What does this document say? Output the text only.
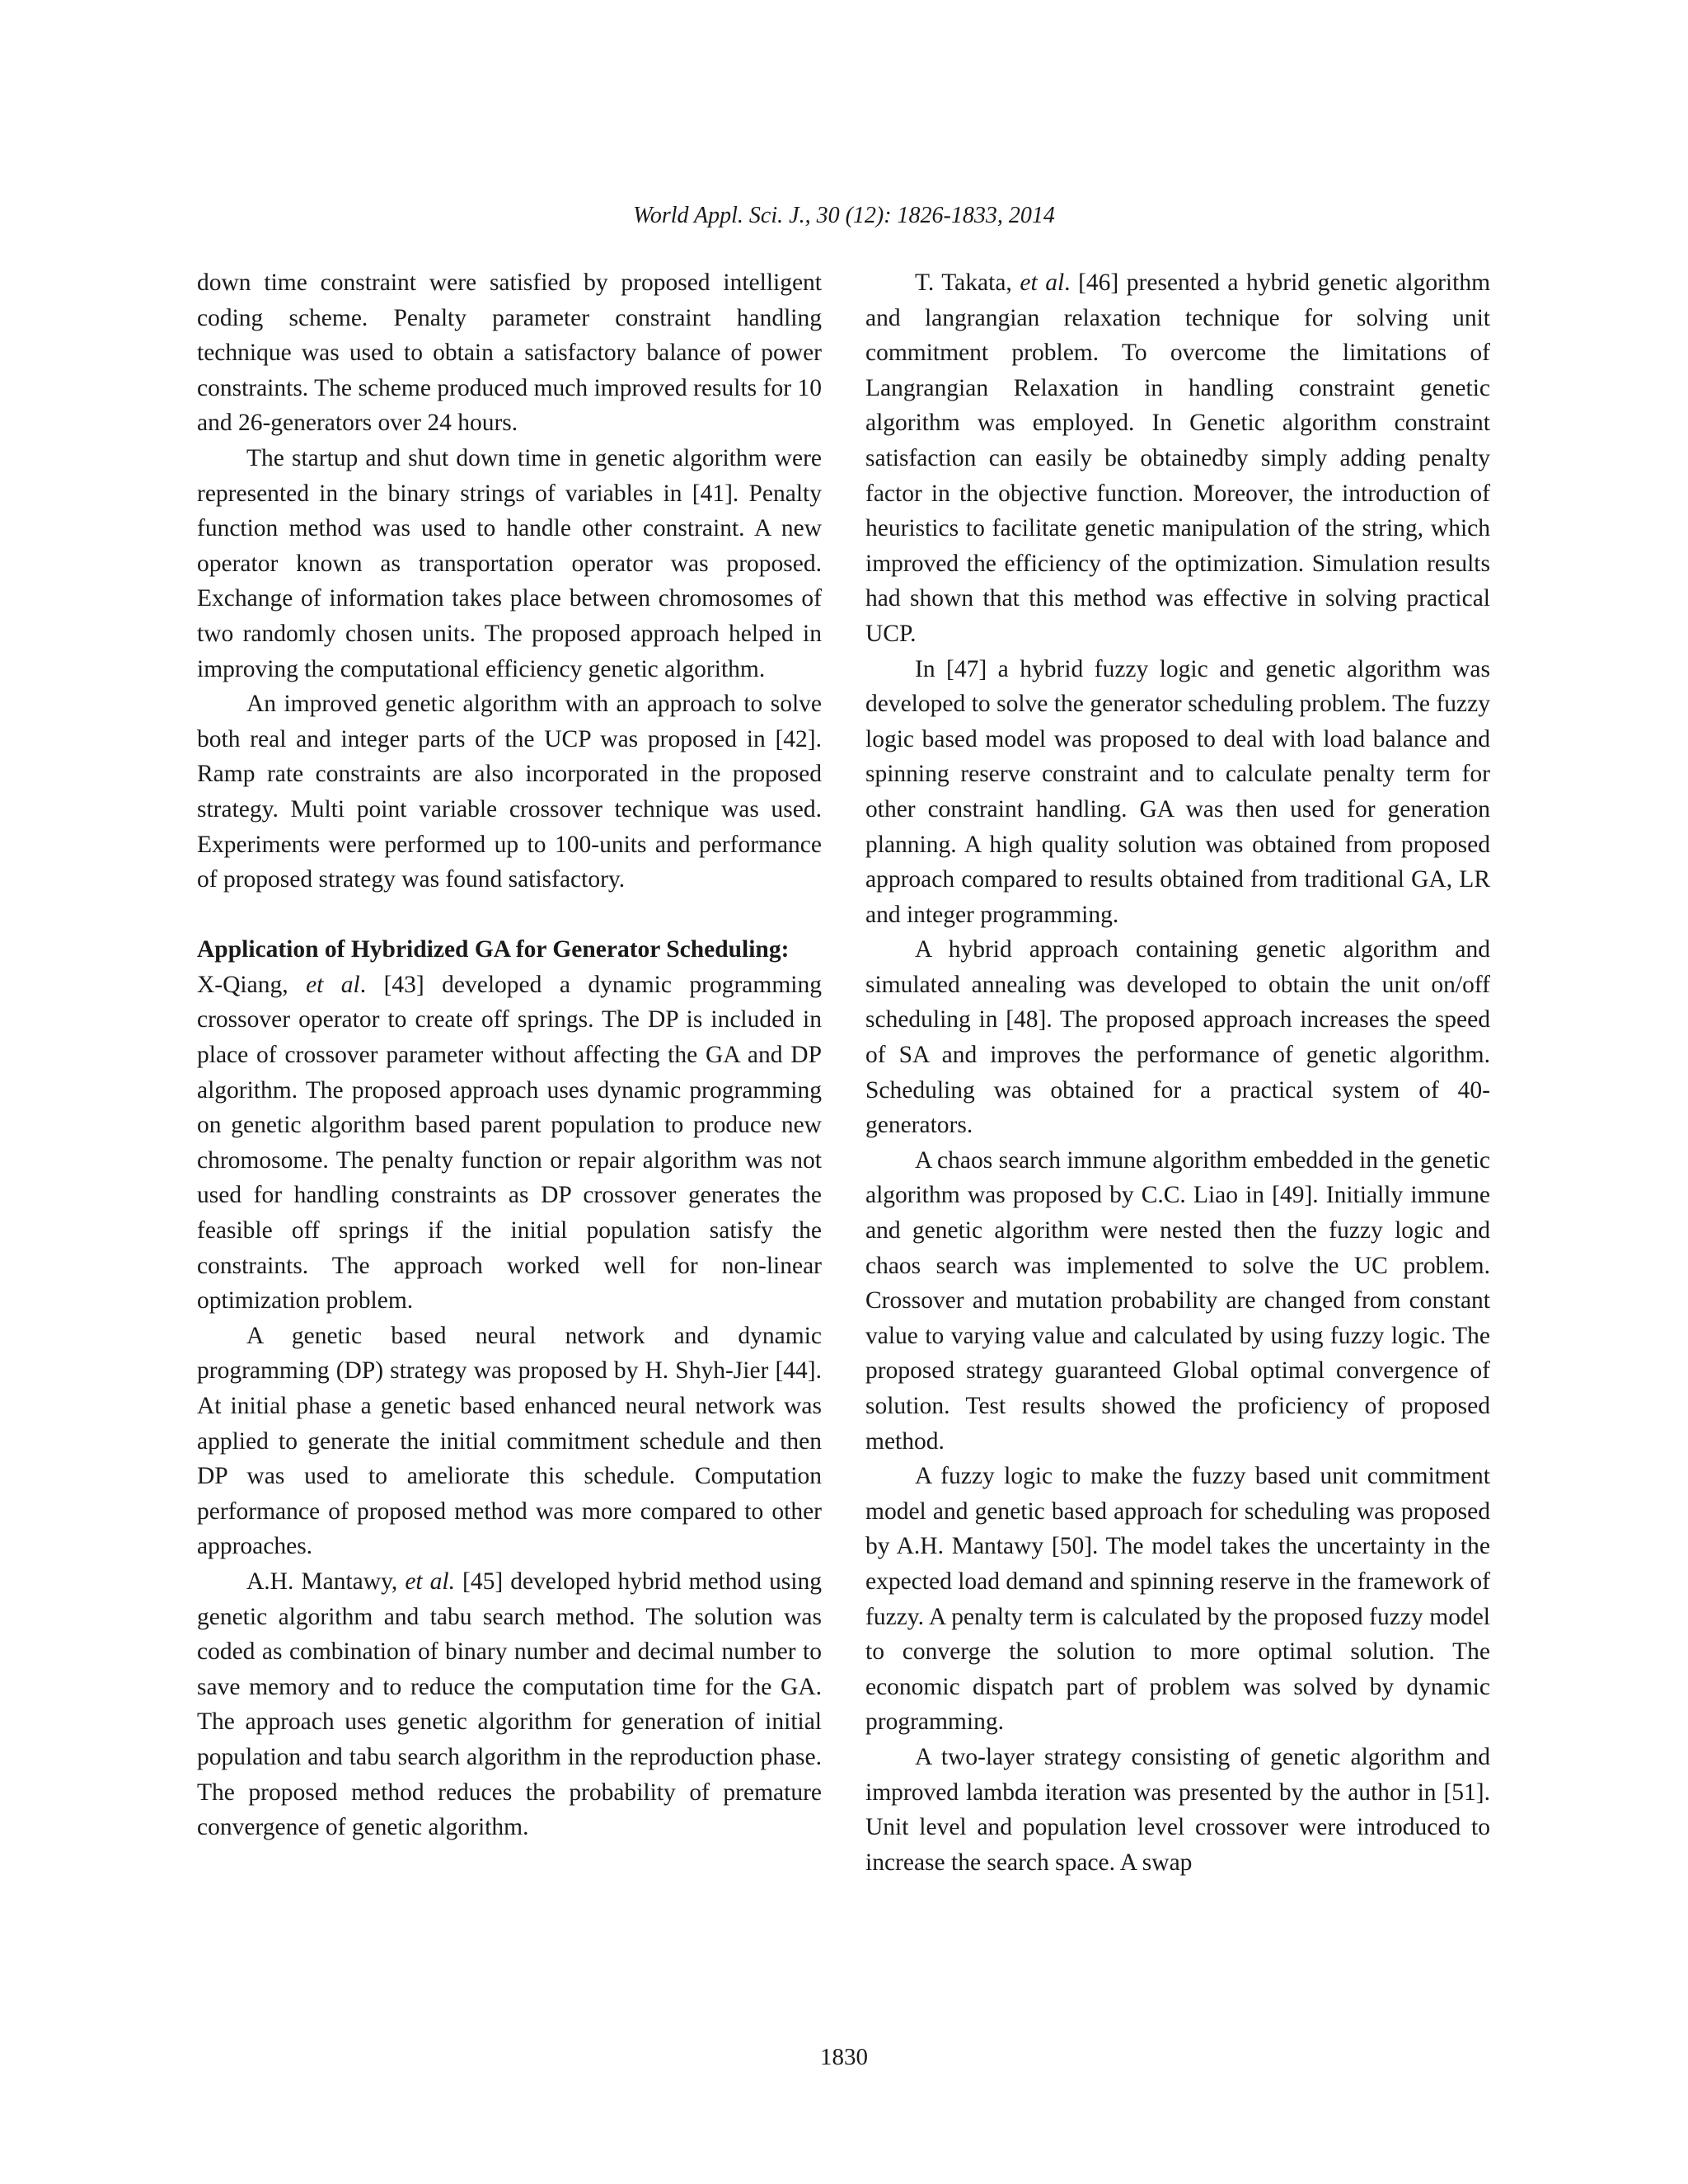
World Appl. Sci. J., 30 (12): 1826-1833, 2014

down time constraint were satisfied by proposed intelligent coding scheme. Penalty parameter constraint handling technique was used to obtain a satisfactory balance of power constraints. The scheme produced much improved results for 10 and 26-generators over 24 hours.

The startup and shut down time in genetic algorithm were represented in the binary strings of variables in [41]. Penalty function method was used to handle other constraint. A new operator known as transportation operator was proposed. Exchange of information takes place between chromosomes of two randomly chosen units. The proposed approach helped in improving the computational efficiency genetic algorithm.

An improved genetic algorithm with an approach to solve both real and integer parts of the UCP was proposed in [42]. Ramp rate constraints are also incorporated in the proposed strategy. Multi point variable crossover technique was used. Experiments were performed up to 100-units and performance of proposed strategy was found satisfactory.

Application of Hybridized GA for Generator Scheduling:
X-Qiang, et al. [43] developed a dynamic programming crossover operator to create off springs. The DP is included in place of crossover parameter without affecting the GA and DP algorithm. The proposed approach uses dynamic programming on genetic algorithm based parent population to produce new chromosome. The penalty function or repair algorithm was not used for handling constraints as DP crossover generates the feasible off springs if the initial population satisfy the constraints. The approach worked well for non-linear optimization problem.

A genetic based neural network and dynamic programming (DP) strategy was proposed by H. Shyh-Jier [44]. At initial phase a genetic based enhanced neural network was applied to generate the initial commitment schedule and then DP was used to ameliorate this schedule. Computation performance of proposed method was more compared to other approaches.

A.H. Mantawy, et al. [45] developed hybrid method using genetic algorithm and tabu search method. The solution was coded as combination of binary number and decimal number to save memory and to reduce the computation time for the GA. The approach uses genetic algorithm for generation of initial population and tabu search algorithm in the reproduction phase. The proposed method reduces the probability of premature convergence of genetic algorithm.

T. Takata, et al. [46] presented a hybrid genetic algorithm and langrangian relaxation technique for solving unit commitment problem. To overcome the limitations of Langrangian Relaxation in handling constraint genetic algorithm was employed. In Genetic algorithm constraint satisfaction can easily be obtainedby simply adding penalty factor in the objective function. Moreover, the introduction of heuristics to facilitate genetic manipulation of the string, which improved the efficiency of the optimization. Simulation results had shown that this method was effective in solving practical UCP.

In [47] a hybrid fuzzy logic and genetic algorithm was developed to solve the generator scheduling problem. The fuzzy logic based model was proposed to deal with load balance and spinning reserve constraint and to calculate penalty term for other constraint handling. GA was then used for generation planning. A high quality solution was obtained from proposed approach compared to results obtained from traditional GA, LR and integer programming.

A hybrid approach containing genetic algorithm and simulated annealing was developed to obtain the unit on/off scheduling in [48]. The proposed approach increases the speed of SA and improves the performance of genetic algorithm. Scheduling was obtained for a practical system of 40-generators.

A chaos search immune algorithm embedded in the genetic algorithm was proposed by C.C. Liao in [49]. Initially immune and genetic algorithm were nested then the fuzzy logic and chaos search was implemented to solve the UC problem. Crossover and mutation probability are changed from constant value to varying value and calculated by using fuzzy logic. The proposed strategy guaranteed Global optimal convergence of solution. Test results showed the proficiency of proposed method.

A fuzzy logic to make the fuzzy based unit commitment model and genetic based approach for scheduling was proposed by A.H. Mantawy [50]. The model takes the uncertainty in the expected load demand and spinning reserve in the framework of fuzzy. A penalty term is calculated by the proposed fuzzy model to converge the solution to more optimal solution. The economic dispatch part of problem was solved by dynamic programming.

A two-layer strategy consisting of genetic algorithm and improved lambda iteration was presented by the author in [51]. Unit level and population level crossover were introduced to increase the search space. A swap

1830
